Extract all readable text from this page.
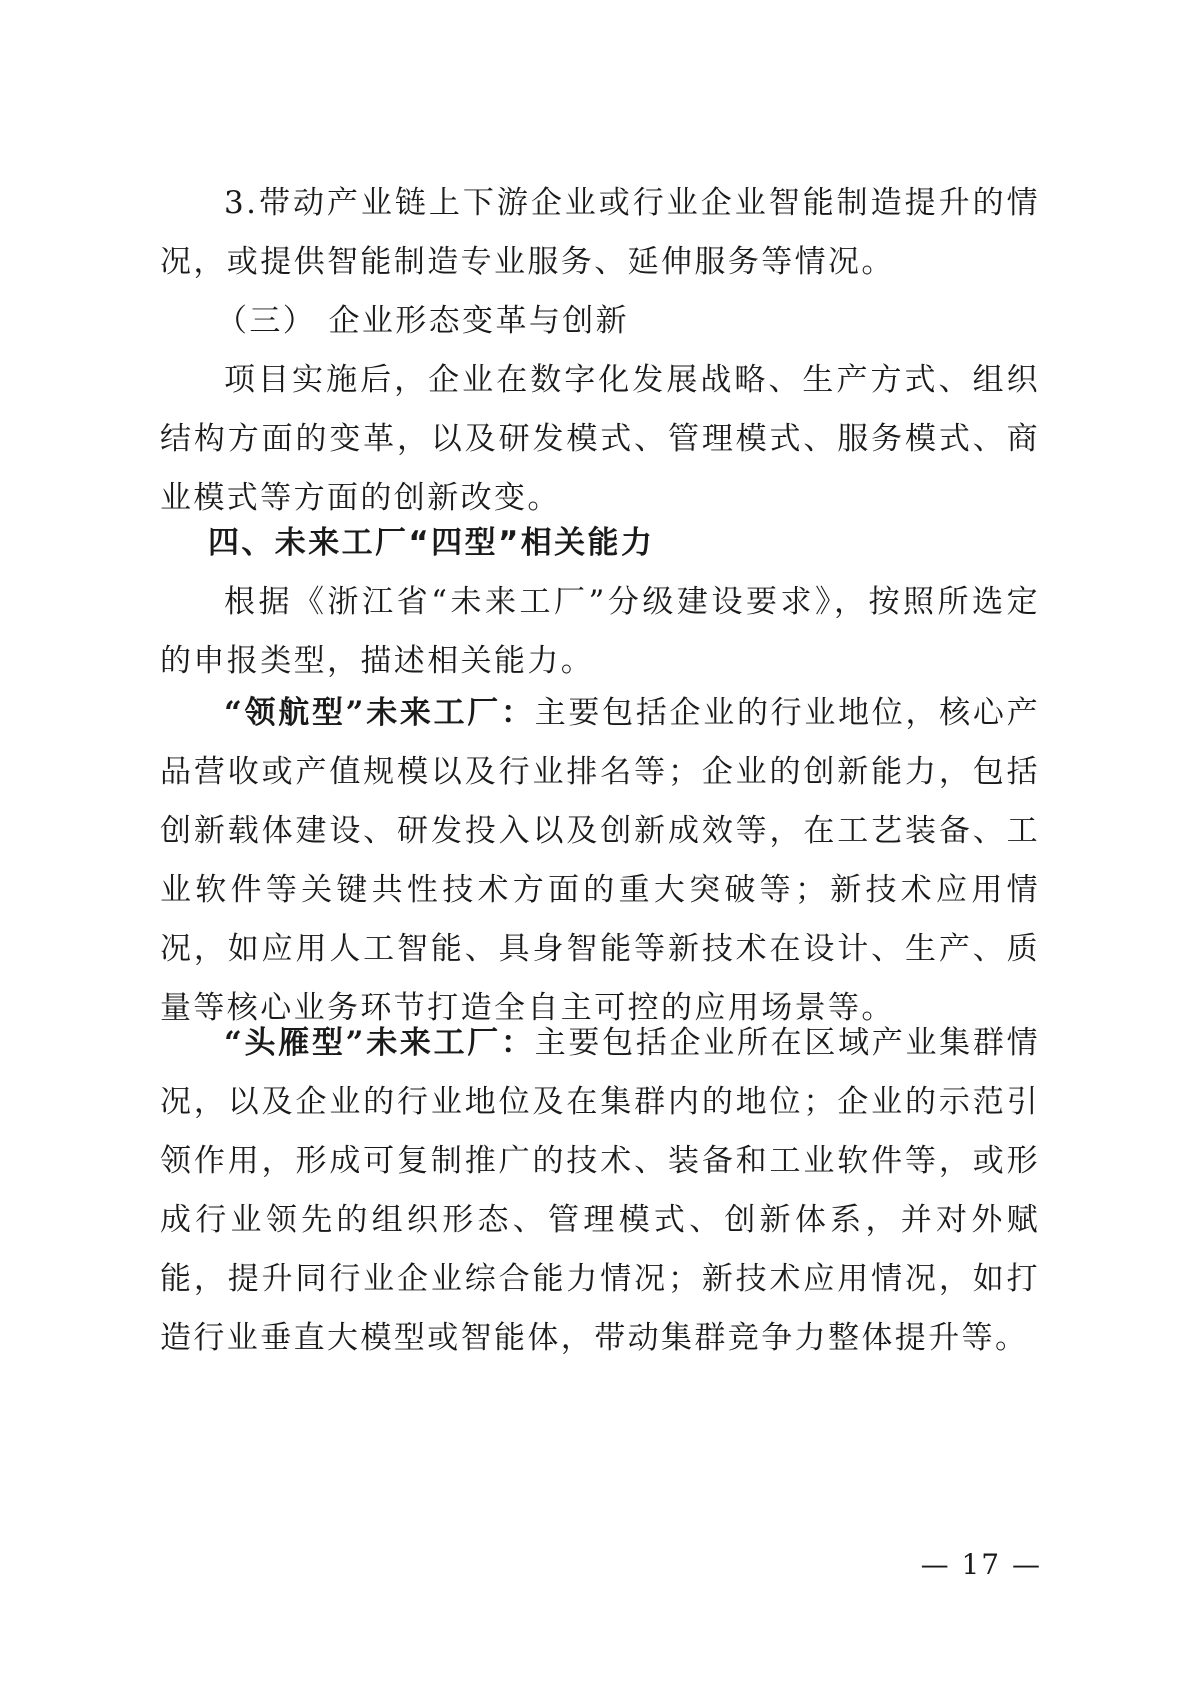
3.带动产业链上下游企业或行业企业智能制造提升的情况，或提供智能制造专业服务、延伸服务等情况。

（三） 企业形态变革与创新

项目实施后，企业在数字化发展战略、生产方式、组织结构方面的变革，以及研发模式、管理模式、服务模式、商业模式等方面的创新改变。

四、未来工厂“四型”相关能力

根据《浙江省“未来工厂”分级建设要求》，按照所选定的申报类型，描述相关能力。

“领航型”未来工厂：主要包括企业的行业地位，核心产品营收或产值规模以及行业排名等；企业的创新能力，包括创新载体建设、研发投入以及创新成效等，在工艺装备、工业软件等关键共性技术方面的重大突破等；新技术应用情况，如应用人工智能、具身智能等新技术在设计、生产、质量等核心业务环节打造全自主可控的应用场景等。

“头雁型”未来工厂：主要包括企业所在区域产业集群情况，以及企业的行业地位及在集群内的地位；企业的示范引领作用，形成可复制推广的技术、装备和工业软件等，或形成行业领先的组织形态、管理模式、创新体系，并对外赋能，提升同行业企业综合能力情况；新技术应用情况，如打造行业垂直大模型或智能体，带动集群竞争力整体提升等。

— 17 —
